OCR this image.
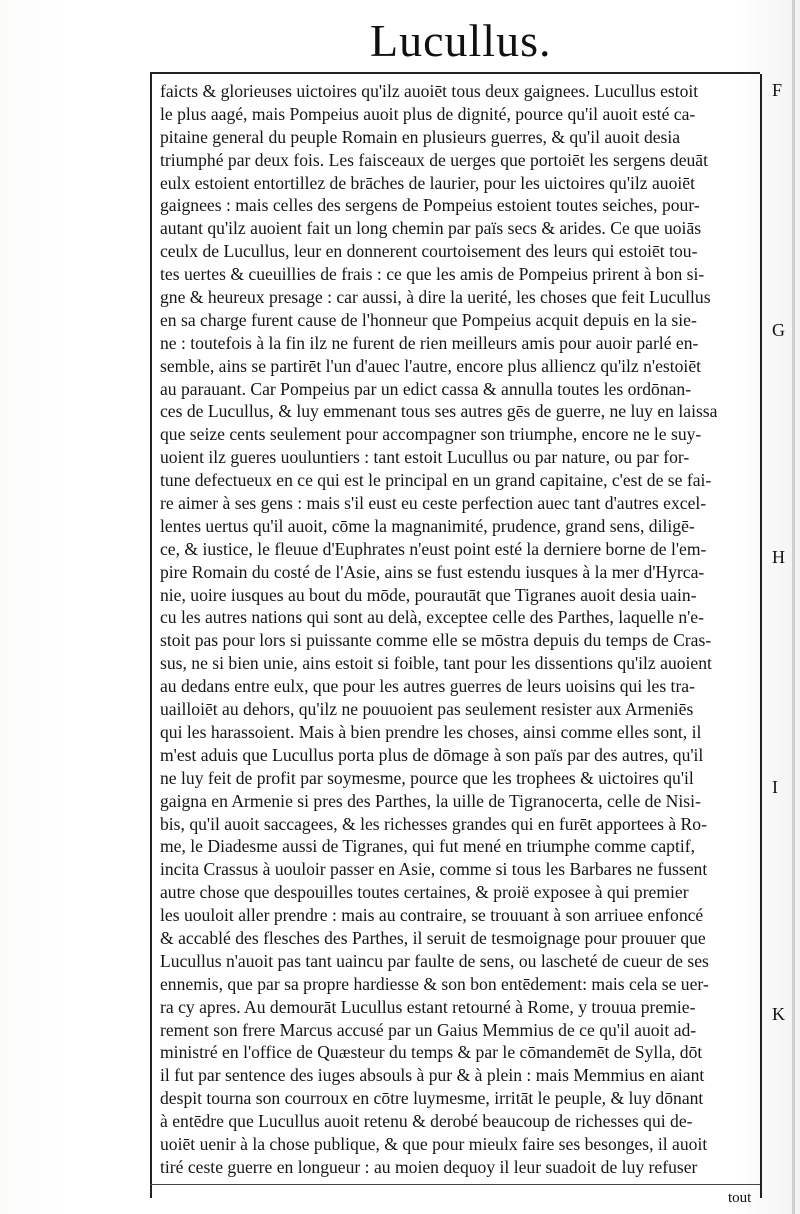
Lucullus.
faicts & glorieuses uictoires qu'ilz auoiēt tous deux gaignees. Lucullus estoit
le plus aagé, mais Pompeius auoit plus de dignité, pource qu'il auoit esté ca-
pitaine general du peuple Romain en plusieurs guerres, & qu'il auoit desia
triumphé par deux fois. Les faisceaux de uerges que portoiēt les sergens deuāt
eulx estoient entortillez de brāches de laurier, pour les uictoires qu'ilz auoiēt
gaignees : mais celles des sergens de Pompeius estoient toutes seiches, pour-
autant qu'ilz auoient fait un long chemin par païs secs & arides. Ce que uoiās
ceulx de Lucullus, leur en donnerent courtoisement des leurs qui estoiēt tou-
tes uertes & cueuillies de frais : ce que les amis de Pompeius prirent à bon si-
gne & heureux presage : car aussi, à dire la uerité, les choses que feit Lucullus
en sa charge furent cause de l'honneur que Pompeius acquit depuis en la sie-
ne : toutefois à la fin ilz ne furent de rien meilleurs amis pour auoir parlé en-
semble, ains se partirēt l'un d'auec l'autre, encore plus alliencz qu'ilz n'estoiēt
au parauant. Car Pompeius par un edict cassa & annulla toutes les ordōnan-
ces de Lucullus, & luy emmenant tous ses autres gēs de guerre, ne luy en laissa
que seize cents seulement pour accompagner son triumphe, encore ne le suy-
uoient ilz gueres uouluntiers : tant estoit Lucullus ou par nature, ou par for-
tune defectueux en ce qui est le principal en un grand capitaine, c'est de se fai-
re aimer à ses gens : mais s'il eust eu ceste perfection auec tant d'autres excel-
lentes uertus qu'il auoit, cōme la magnanimité, prudence, grand sens, diligē-
ce, & iustice, le fleuue d'Euphrates n'eust point esté la derniere borne de l'em-
pire Romain du costé de l'Asie, ains se fust estendu iusques à la mer d'Hyrca-
nie, uoire iusques au bout du mōde, pourautāt que Tigranes auoit desia uain-
cu les autres nations qui sont au delà, exceptee celle des Parthes, laquelle n'e-
stoit pas pour lors si puissante comme elle se mōstra depuis du temps de Cras-
sus, ne si bien unie, ains estoit si foible, tant pour les dissentions qu'ilz auoient
au dedans entre eulx, que pour les autres guerres de leurs uoisins qui les tra-
uailloiēt au dehors, qu'ilz ne pouuoient pas seulement resister aux Armeniēs
qui les harassoient. Mais à bien prendre les choses, ainsi comme elles sont, il
m'est aduis que Lucullus porta plus de dōmage à son païs par des autres, qu'il
ne luy feit de profit par soymesme, pource que les trophees & uictoires qu'il
gaigna en Armenie si pres des Parthes, la uille de Tigranocerta, celle de Nisi-
bis, qu'il auoit saccagees, & les richesses grandes qui en furēt apportees à Ro-
me, le Diadesme aussi de Tigranes, qui fut mené en triumphe comme captif,
incita Crassus à uouloir passer en Asie, comme si tous les Barbares ne fussent
autre chose que despouilles toutes certaines, & proië exposee à qui premier
les uouloit aller prendre : mais au contraire, se trouuant à son arriuee enfoncé
& accablé des flesches des Parthes, il seruit de tesmoignage pour prouuer que
Lucullus n'auoit pas tant uaincu par faulte de sens, ou lascheté de cueur de ses
ennemis, que par sa propre hardiesse & son bon entēdement: mais cela se uer-
ra cy apres. Au demourāt Lucullus estant retourné à Rome, y trouua premie-
rement son frere Marcus accusé par un Gaius Memmius de ce qu'il auoit ad-
ministré en l'office de Quæsteur du temps & par le cōmandemēt de Sylla, dōt
il fut par sentence des iuges absouls à pur & à plein : mais Memmius en aiant
despit tourna son courroux en cōtre luymesme, irritāt le peuple, & luy dōnant
à entēdre que Lucullus auoit retenu & derobé beaucoup de richesses qui de-
uoiēt uenir à la chose publique, & que pour mieulx faire ses besonges, il auoit
tiré ceste guerre en longueur : au moien dequoy il leur suadoit de luy refuser
F
G
H
I
K
tout
